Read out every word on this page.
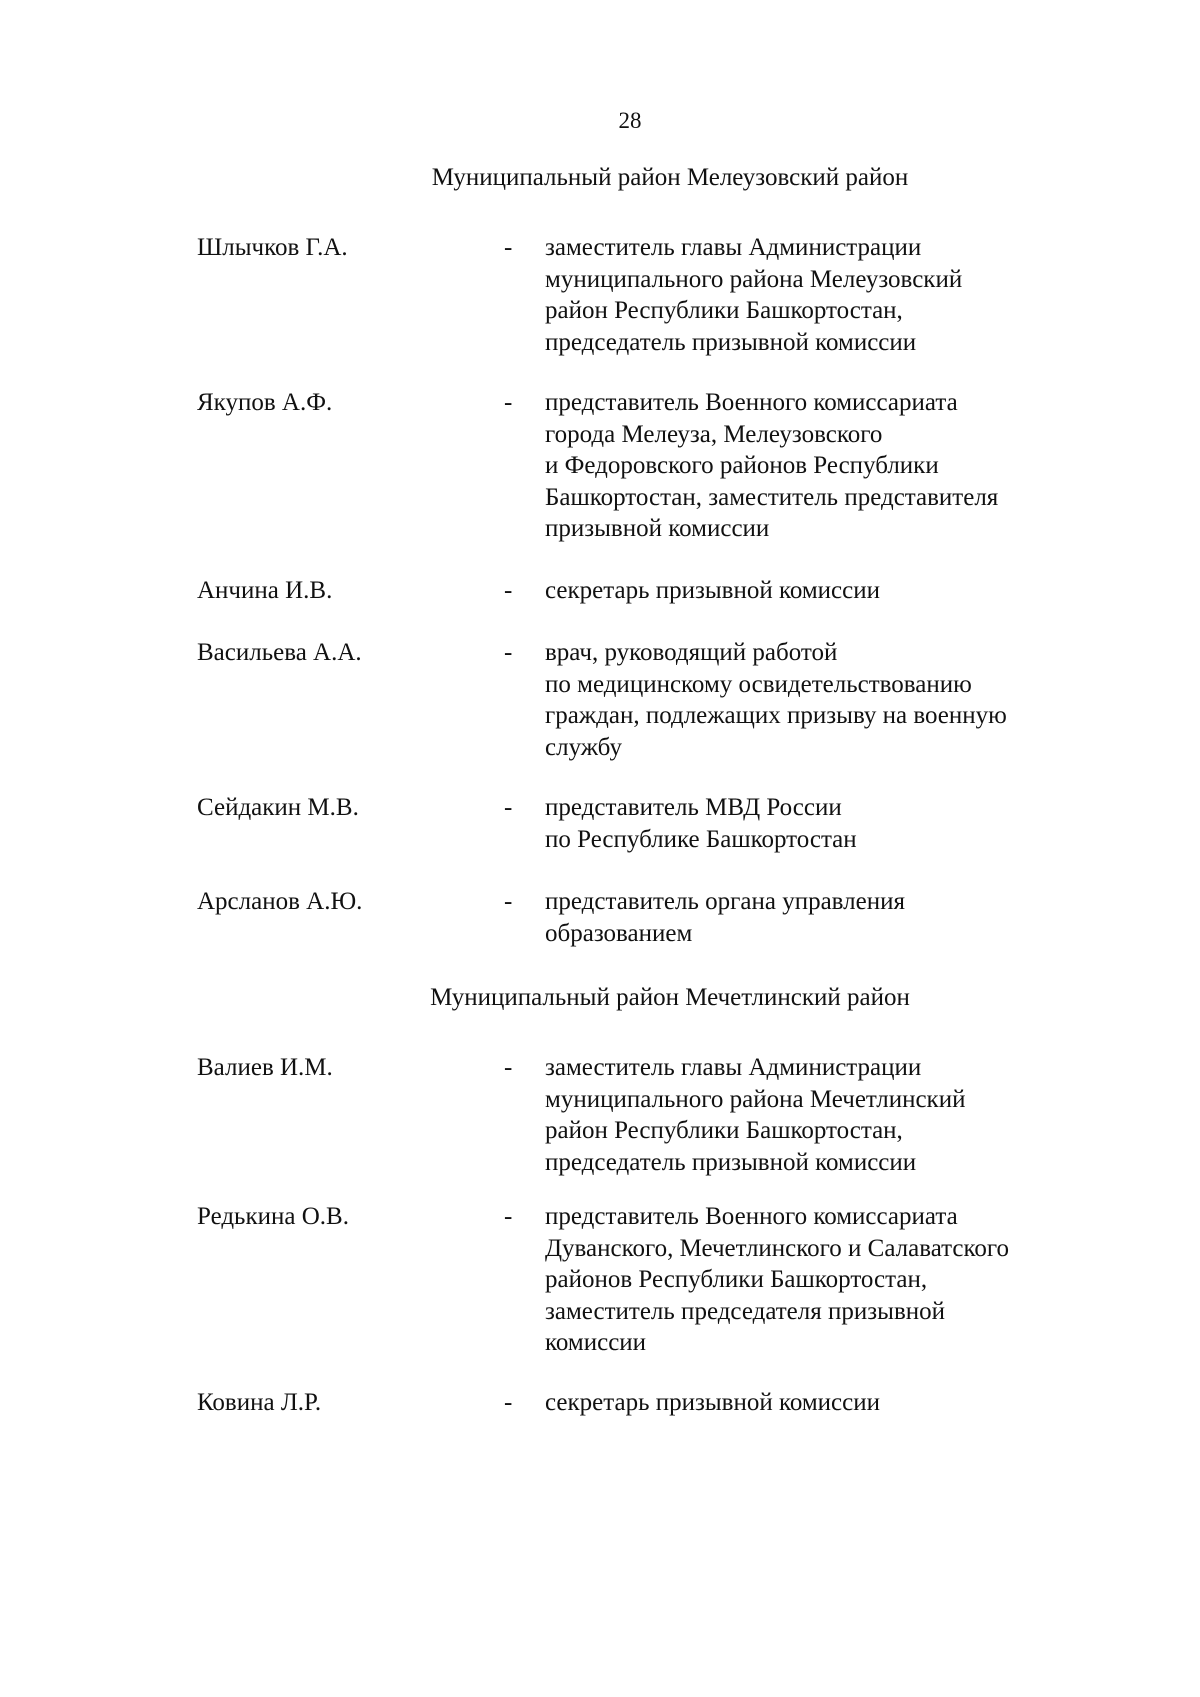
28
Муниципальный район Мелеузовский район
Шлычков Г.А.	- заместитель главы Администрации
муниципального района Мелеузовский
район Республики Башкортостан,
председатель призывной комиссии
Якупов А.Ф.	- представитель Военного комиссариата
города Мелеуза, Мелеузовского
и Федоровского районов Республики
Башкортостан, заместитель представителя
призывной комиссии
Анчина И.В.	- секретарь призывной комиссии
Васильева А.А.	- врач, руководящий работой
по медицинскому освидетельствованию
граждан, подлежащих призыву на военную
службу
Сейдакин М.В.	- представитель МВД России
по Республике Башкортостан
Арсланов А.Ю.	- представитель органа управления
образованием
Муниципальный район Мечетлинский район
Валиев И.М.	- заместитель главы Администрации
муниципального района Мечетлинский
район Республики Башкортостан,
председатель призывной комиссии
Редькина О.В.	- представитель Военного комиссариата
Дуванского, Мечетлинского и Салаватского
районов Республики Башкортостан,
заместитель председателя призывной
комиссии
Ковина Л.Р.	- секретарь призывной комиссии
